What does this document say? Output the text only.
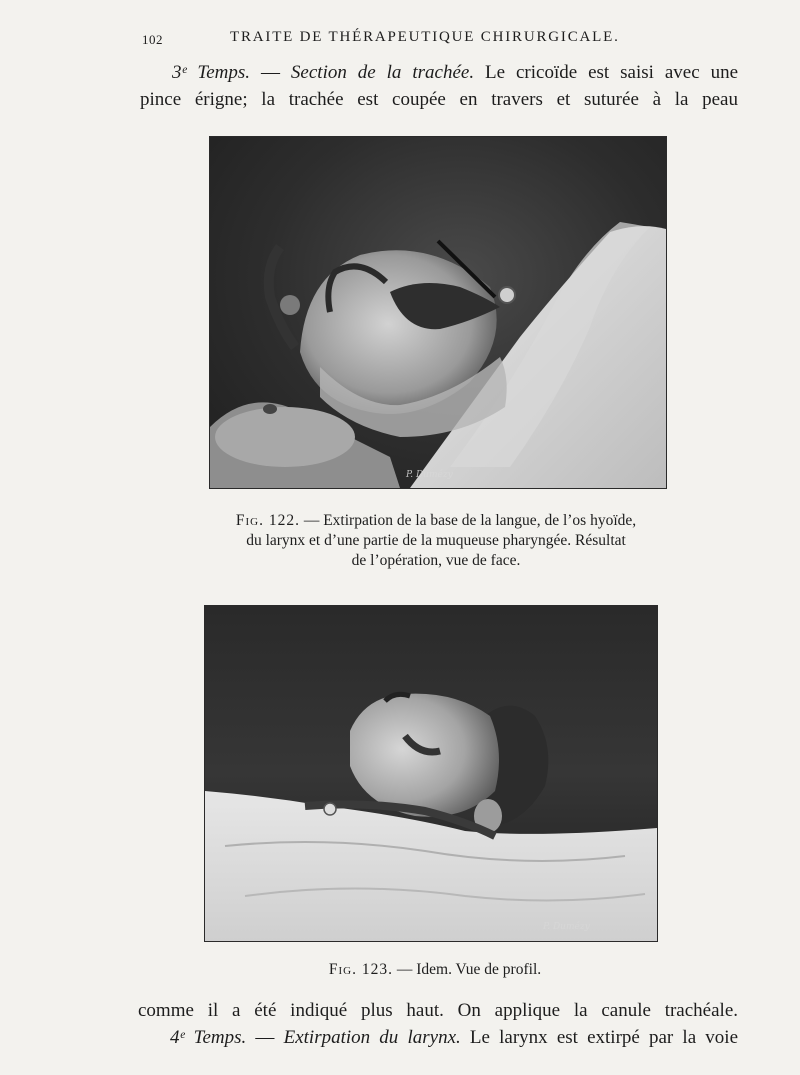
102	TRAITE DE THÉRAPEUTIQUE CHIRURGICALE.
3ᵉ Temps. — Section de la trachée. Le cricoïde est saisi avec une
pince érigne; la trachée est coupée en travers et suturée à la peau
P. Dumézy
Fig. 122. — Extirpation de la base de la langue, de l’os hyoïde,
du larynx et d’une partie de la muqueuse pharyngée. Résultat
de l’opération, vue de face.
P. Dumézy
Fig. 123. — Idem. Vue de profil.
comme il a été indiqué plus haut. On applique la canule trachéale.
4ᵉ Temps. — Extirpation du larynx. Le larynx est extirpé par la voie
